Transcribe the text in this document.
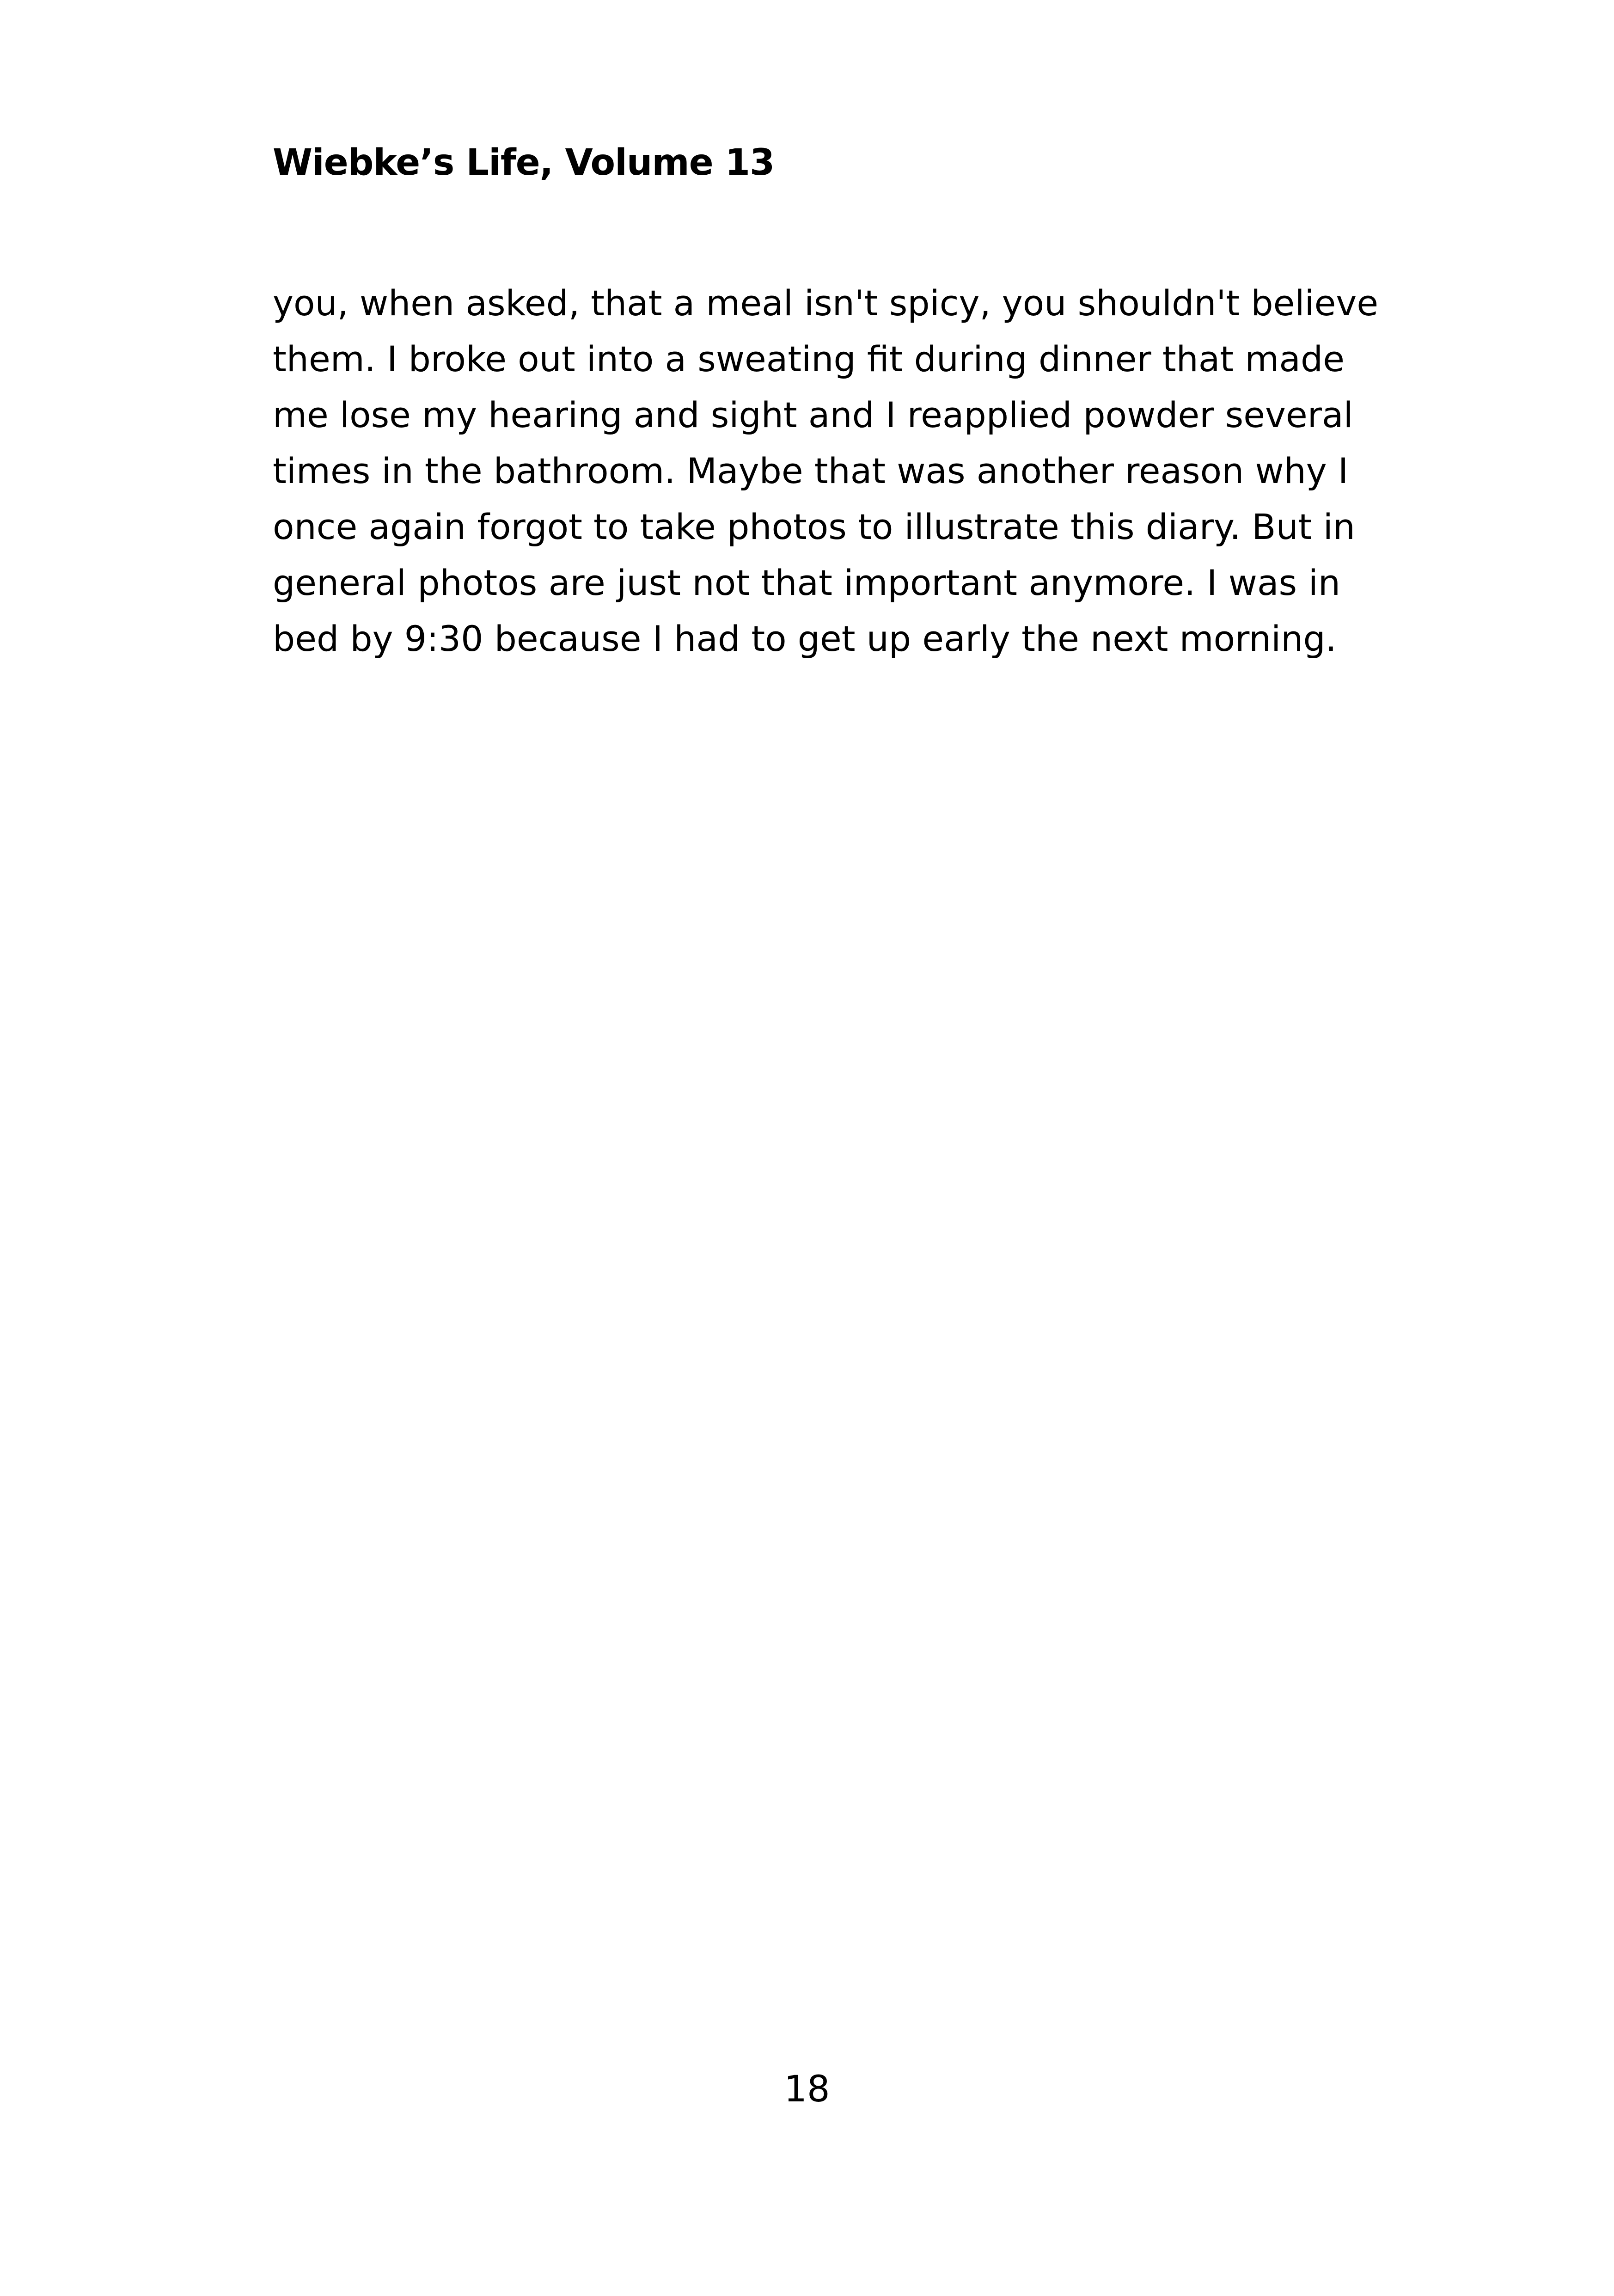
Wiebke’s Life, Volume 13
you, when asked, that a meal isn't spicy, you shouldn't believe
them. I broke out into a sweating fit during dinner that made
me lose my hearing and sight and I reapplied powder several
times in the bathroom. Maybe that was another reason why I
once again forgot to take photos to illustrate this diary. But in
general photos are just not that important anymore. I was in
bed by 9:30 because I had to get up early the next morning.
18
